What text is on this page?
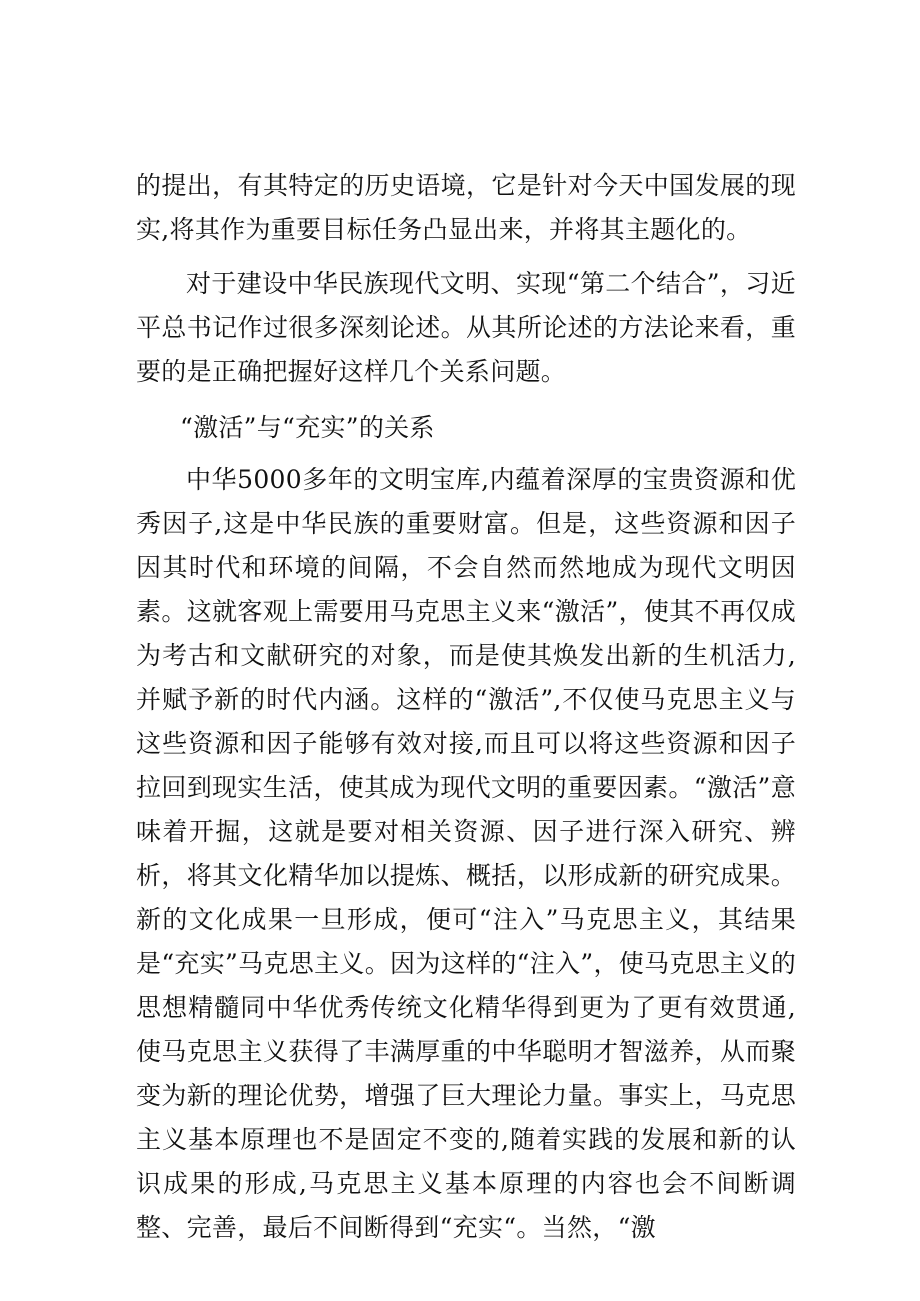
的提出，有其特定的历史语境，它是针对今天中国发展的现实,将其作为重要目标任务凸显出来，并将其主题化的。

对于建设中华民族现代文明、实现“第二个结合”，习近平总书记作过很多深刻论述。从其所论述的方法论来看，重要的是正确把握好这样几个关系问题。

“激活”与“充实”的关系

中华5000多年的文明宝库,内蕴着深厚的宝贵资源和优秀因子,这是中华民族的重要财富。但是，这些资源和因子因其时代和环境的间隔，不会自然而然地成为现代文明因素。这就客观上需要用马克思主义来“激活”，使其不再仅成为考古和文献研究的对象，而是使其焕发出新的生机活力,并赋予新的时代内涵。这样的“激活”,不仅使马克思主义与这些资源和因子能够有效对接,而且可以将这些资源和因子拉回到现实生活，使其成为现代文明的重要因素。“激活”意味着开掘，这就是要对相关资源、因子进行深入研究、辨析，将其文化精华加以提炼、概括，以形成新的研究成果。新的文化成果一旦形成，便可“注入”马克思主义，其结果是“充实”马克思主义。因为这样的“注入”，使马克思主义的思想精髓同中华优秀传统文化精华得到更为了更有效贯通,使马克思主义获得了丰满厚重的中华聪明才智滋养，从而聚变为新的理论优势，增强了巨大理论力量。事实上，马克思主义基本原理也不是固定不变的,随着实践的发展和新的认识成果的形成,马克思主义基本原理的内容也会不间断调整、完善，最后不间断得到“充实“。当然，“激
